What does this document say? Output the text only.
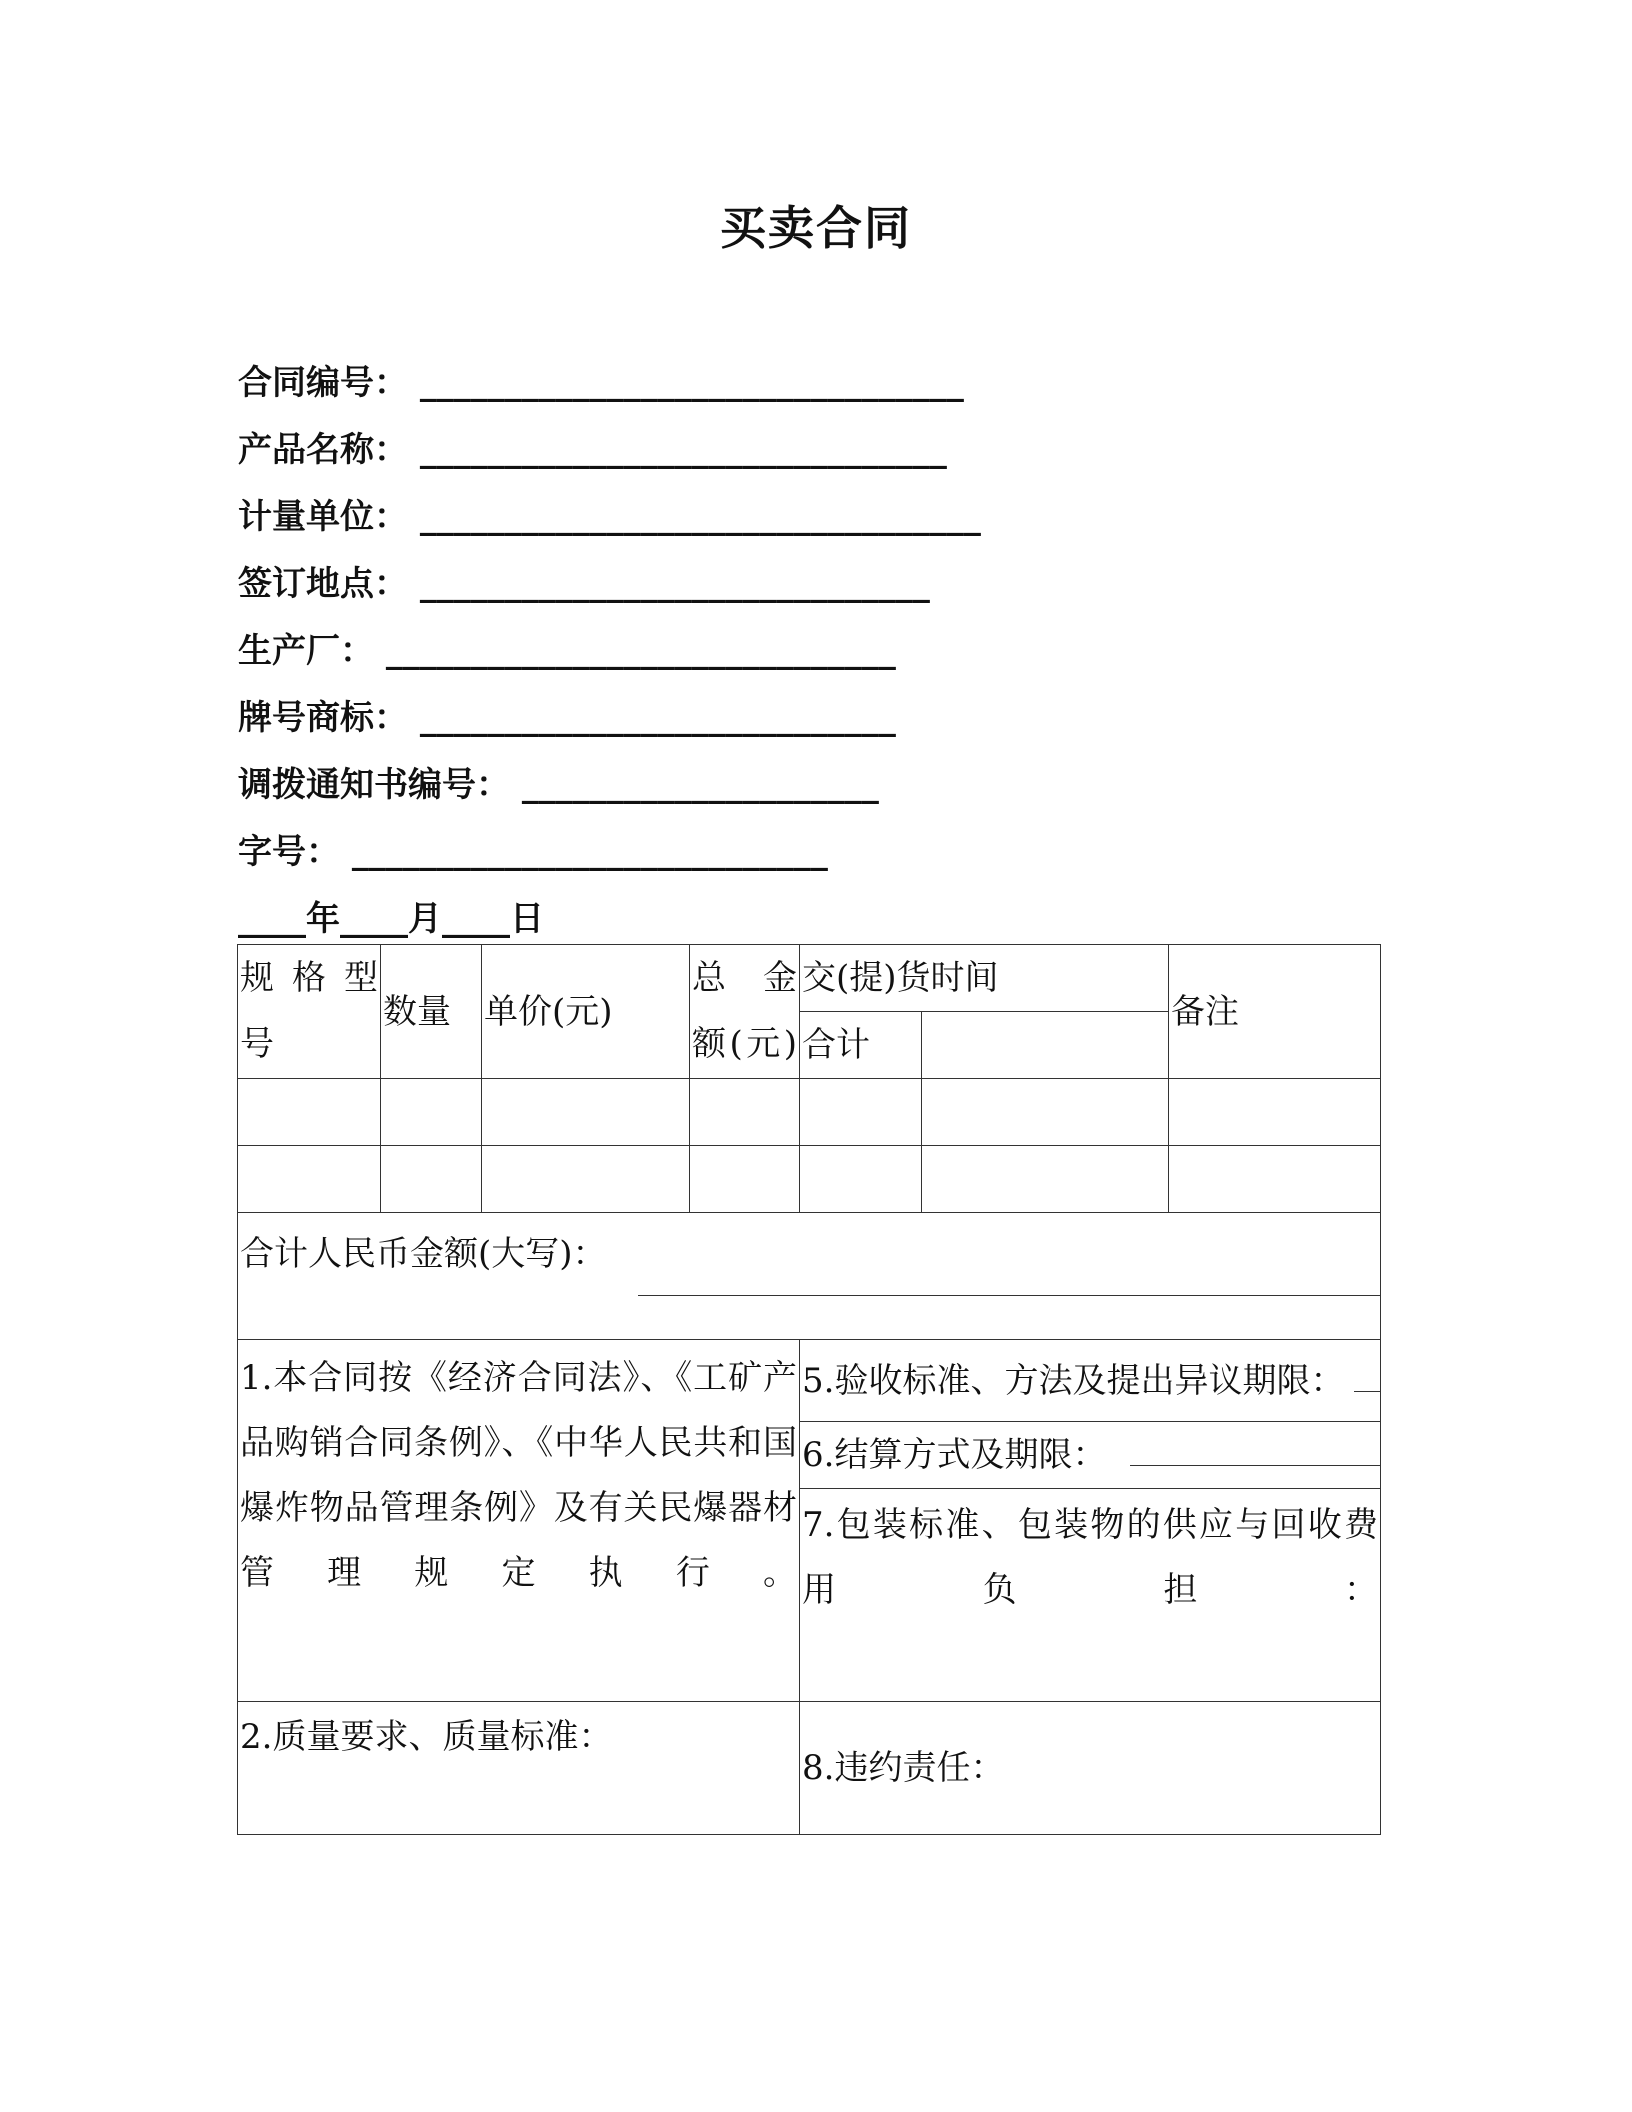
买卖合同
合同编号： ________________________________
产品名称： _______________________________
计量单位： _________________________________
签订地点： ______________________________
生产厂： ______________________________
牌号商标： ____________________________
调拨通知书编号： _____________________
字号： ____________________________
____年____月____日
规 格 型号	数量	单价(元)	总 金额(元)	交(提)货时间		备注
				合计		

合计人民币金额(大写)：						

1.本合同按《经济合同法》、《工矿产品购销合同条例》、《中华人民共和国爆炸物品管理条例》及有关民爆器材管理规定执行。				5.验收标准、方法及提出异议期限：		
				6.结算方式及期限：		

				7.包装标准、包装物的供应与回收费用负担：		

2.质量要求、质量标准：				8.违约责任：		
